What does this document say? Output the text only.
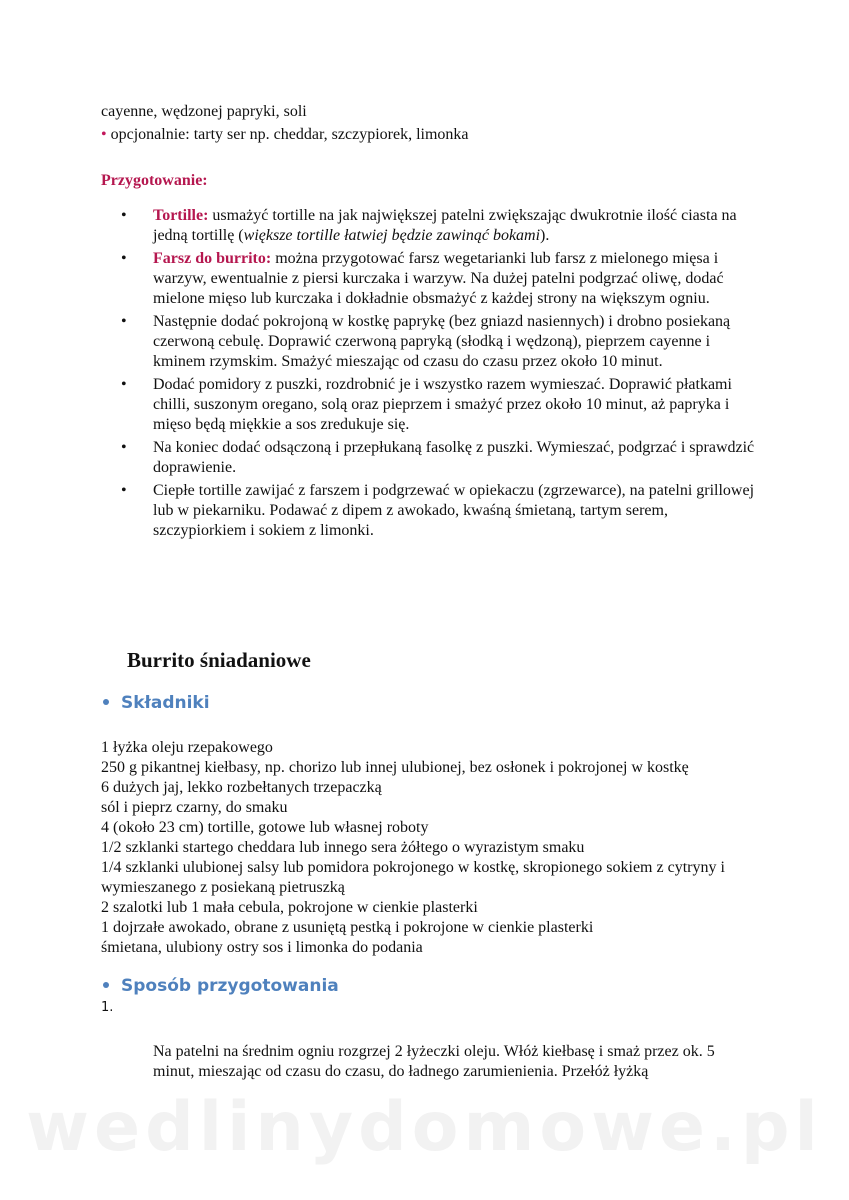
cayenne, wędzonej papryki, soli
• opcjonalnie: tarty ser np. cheddar, szczypiorek, limonka
Przygotowanie:
• Tortille: usmażyć tortille na jak największej patelni zwiększając dwukrotnie ilość ciasta na jedną tortillę (większe tortille łatwiej będzie zawinąć bokami).
• Farsz do burrito: można przygotować farsz wegetarianki lub farsz z mielonego mięsa i warzyw, ewentualnie z piersi kurczaka i warzyw. Na dużej patelni podgrzać oliwę, dodać mielone mięso lub kurczaka i dokładnie obsmażyć z każdej strony na większym ogniu.
• Następnie dodać pokrojoną w kostkę paprykę (bez gniazd nasiennych) i drobno posiekaną czerwoną cebulę. Doprawić czerwoną papryką (słodką i wędzoną), pieprzem cayenne i kminem rzymskim. Smażyć mieszając od czasu do czasu przez około 10 minut.
• Dodać pomidory z puszki, rozdrobnić je i wszystko razem wymieszać. Doprawić płatkami chilli, suszonym oregano, solą oraz pieprzem i smażyć przez około 10 minut, aż papryka i mięso będą miękkie a sos zredukuje się.
• Na koniec dodać odsączoną i przepłukaną fasolkę z puszki. Wymieszać, podgrzać i sprawdzić doprawienie.
• Ciepłe tortille zawijać z farszem i podgrzewać w opiekaczu (zgrzewarce), na patelni grillowej lub w piekarniku. Podawać z dipem z awokado, kwaśną śmietaną, tartym serem, szczypiorkiem i sokiem z limonki.
Burrito śniadaniowe
Składniki
1 łyżka oleju rzepakowego
250 g pikantnej kiełbasy, np. chorizo lub innej ulubionej, bez osłonek i pokrojonej w kostkę
6 dużych jaj, lekko rozbełtanych trzepaczką
sól i pieprz czarny, do smaku
4 (około 23 cm) tortille, gotowe lub własnej roboty
1/2 szklanki startego cheddara lub innego sera żółtego o wyrazistym smaku
1/4 szklanki ulubionej salsy lub pomidora pokrojonego w kostkę, skropionego sokiem z cytryny i wymieszanego z posiekaną pietruszką
2 szalotki lub 1 mała cebula, pokrojone w cienkie plasterki
1 dojrzałe awokado, obrane z usuniętą pestką i pokrojone w cienkie plasterki
śmietana, ulubiony ostry sos i limonka do podania
Sposób przygotowania
1.
Na patelni na średnim ogniu rozgrzej 2 łyżeczki oleju. Włóż kiełbasę i smaż przez ok. 5 minut, mieszając od czasu do czasu, do ładnego zarumienienia. Przełóż łyżką
wedlinydomowe.pl
